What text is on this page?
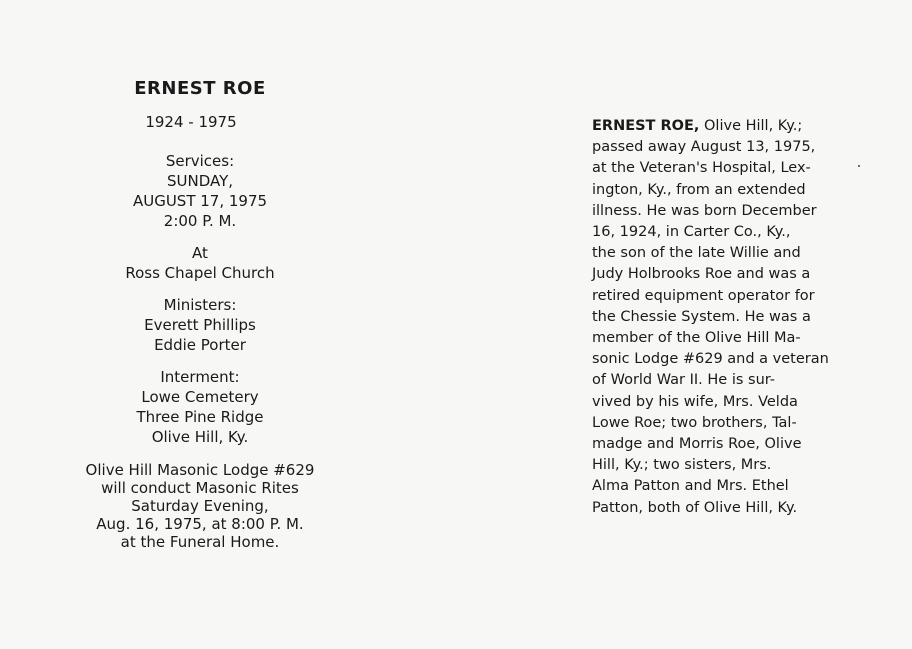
ERNEST ROE
1924 - 1975
Services:
SUNDAY,
AUGUST 17, 1975
2:00 P. M.
At
Ross Chapel Church
Ministers:
Everett Phillips
Eddie Porter
Interment:
Lowe Cemetery
Three Pine Ridge
Olive Hill, Ky.
Olive Hill Masonic Lodge #629
will conduct Masonic Rites
Saturday Evening,
Aug. 16, 1975, at 8:00 P. M.
at the Funeral Home.
ERNEST ROE, Olive Hill, Ky.;
passed away August 13, 1975,
at the Veteran's Hospital, Lex-
ington, Ky., from an extended
illness. He was born December
16, 1924, in Carter Co., Ky.,
the son of the late Willie and
Judy Holbrooks Roe and was a
retired equipment operator for
the Chessie System. He was a
member of the Olive Hill Ma-
sonic Lodge #629 and a veteran
of World War II. He is sur-
vived by his wife, Mrs. Velda
Lowe Roe; two brothers, Tal-
madge and Morris Roe, Olive
Hill, Ky.; two sisters, Mrs.
Alma Patton and Mrs. Ethel
Patton, both of Olive Hill, Ky.
